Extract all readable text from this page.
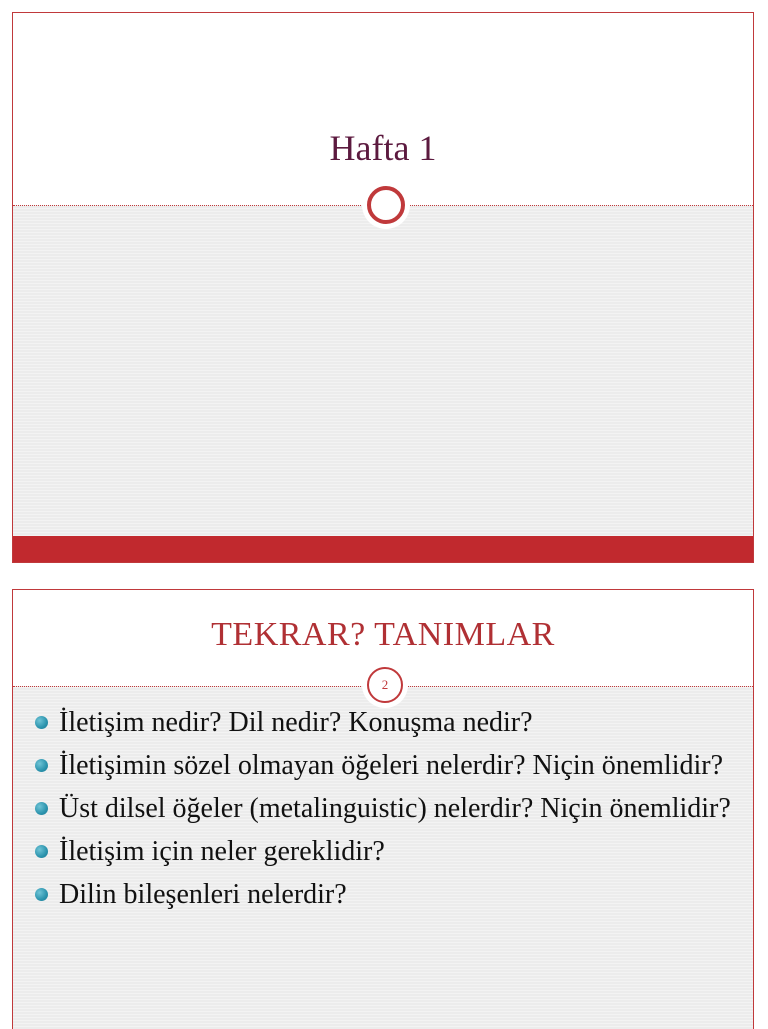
Hafta 1
TEKRAR? TANIMLAR
2
İletişim nedir? Dil nedir? Konuşma nedir?
İletişimin sözel olmayan öğeleri nelerdir? Niçin önemlidir?
Üst dilsel öğeler (metalinguistic) nelerdir? Niçin önemlidir?
İletişim için neler gereklidir?
Dilin bileşenleri nelerdir?
